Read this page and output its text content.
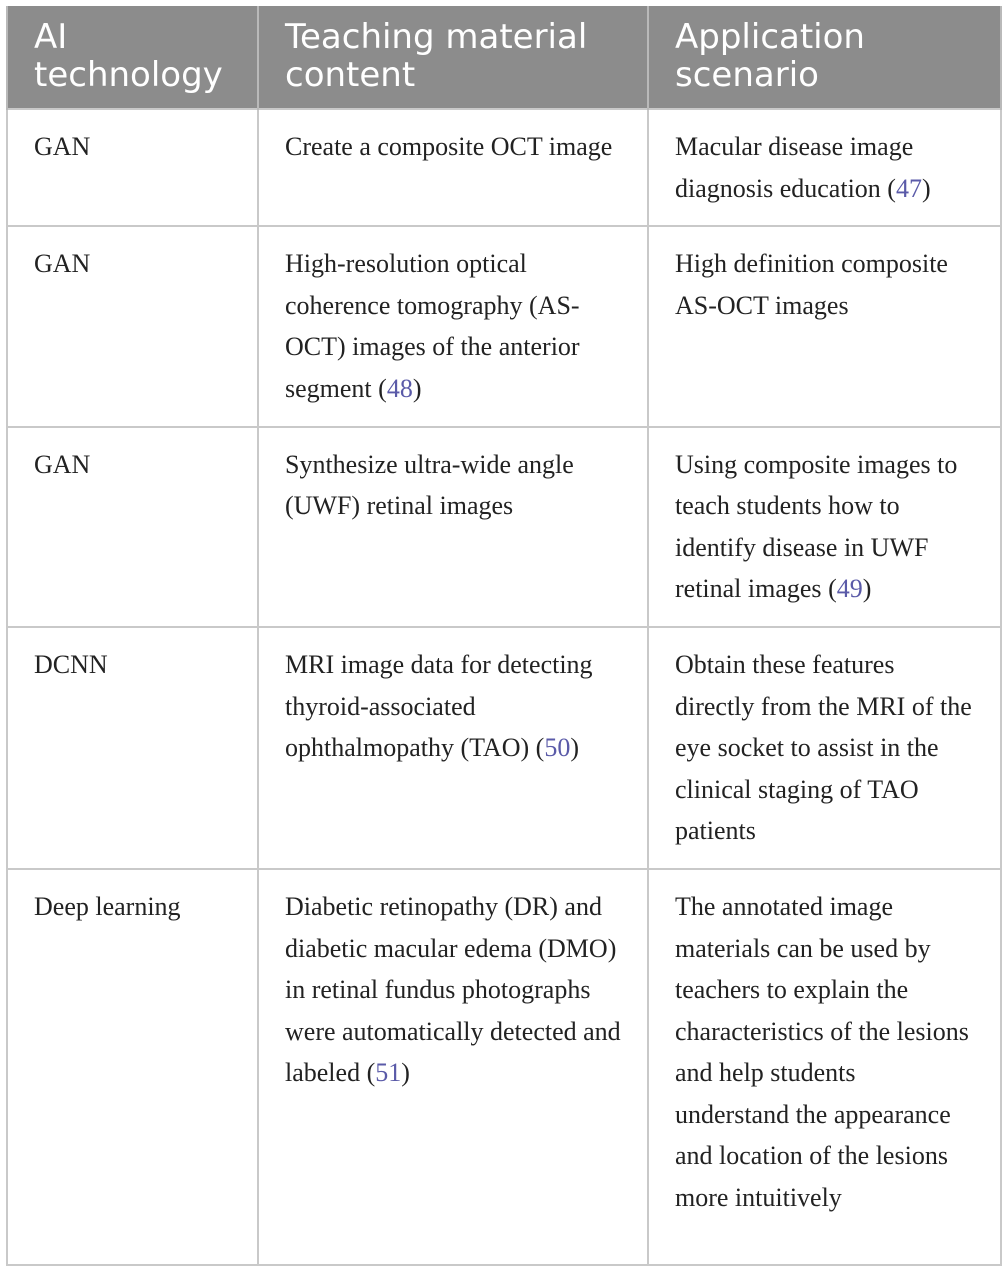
AI technology	Teaching material content	Application scenario

GAN	Create a composite OCT image	Macular disease image diagnosis education (47)
GAN	High-resolution optical coherence tomography (AS-OCT) images of the anterior segment (48)	High definition composite AS-OCT images
GAN	Synthesize ultra-wide angle (UWF) retinal images	Using composite images to teach students how to identify disease in UWF retinal images (49)
DCNN	MRI image data for detecting thyroid-associated ophthalmopathy (TAO) (50)	Obtain these features directly from the MRI of the eye socket to assist in the clinical staging of TAO patients
Deep learning	Diabetic retinopathy (DR) and diabetic macular edema (DMO) in retinal fundus photographs were automatically detected and labeled (51)	The annotated image materials can be used by teachers to explain the characteristics of the lesions and help students understand the appearance and location of the lesions more intuitively
